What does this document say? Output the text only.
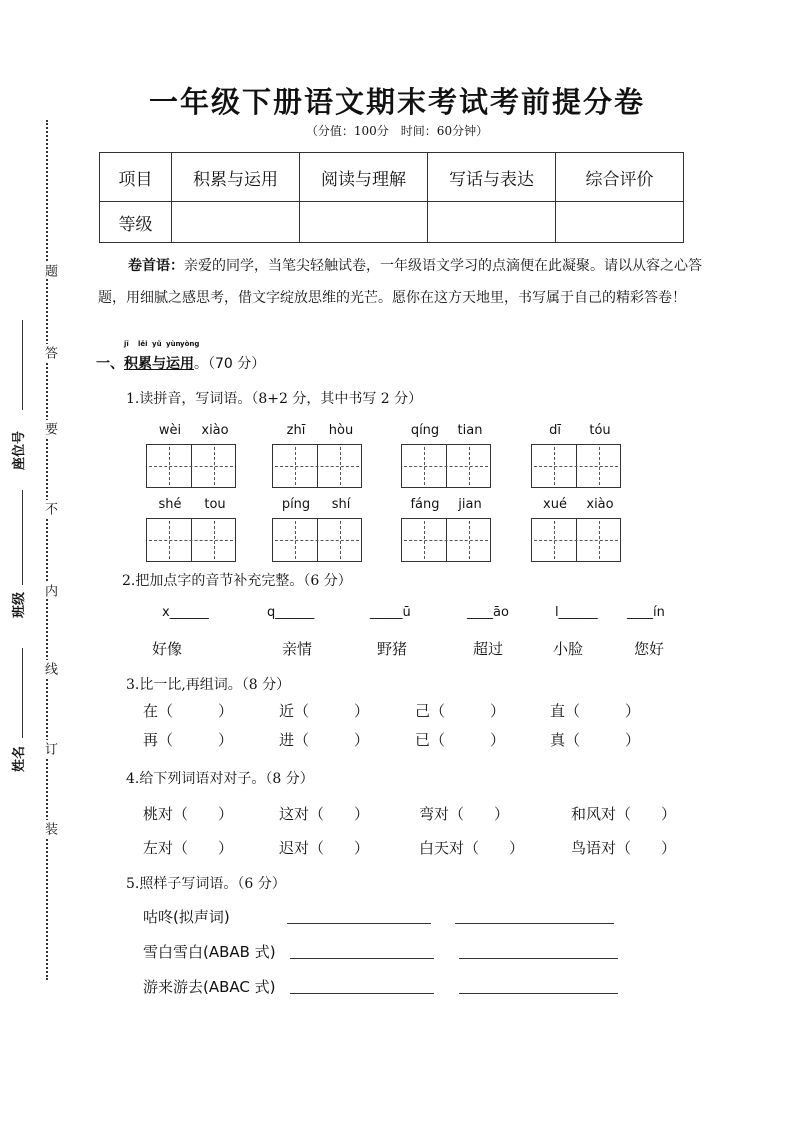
题
答
要
不
内
线
订
装
座位号
班级
姓名
一年级下册语文期末考试考前提分卷
（分值：100分　时间：60分钟）
项目	积累与运用	阅读与理解	写话与表达	综合评价
等级				
卷首语：亲爱的同学，当笔尖轻触试卷，一年级语文学习的点滴便在此凝聚。请以从容之心答题，用细腻之感思考，借文字绽放思维的光芒。愿你在这方天地里，书写属于自己的精彩答卷！
一、
jī
积
lěi
累
yǔ
与
yùn
运
yòng
用。（70 分）
1.读拼音，写词语。（8+2 分，其中书写 2 分）
wèi	xiào	zhī	hòu	qíng	tian	dī	tóu
shé	tou	píng	shí	fáng	jian	xué	xiào
2.把加点字的音节补充完整。（6 分）
x______
好像
q______
亲情
_____ū
野猪
____āo
超过
l______
小脸
____ín
您好
3.比一比,再组词。（8 分）
在（　　　）	近（　　　）	己（　　　）	直（　　　）
再（　　　）	进（　　　）	已（　　　）	真（　　　）
4.给下列词语对对子。（8 分）
桃对（　　）	这对（　　）	弯对（　　）	和风对（　　）
左对（　　）	迟对（　　）	白天对（　　）	鸟语对（　　）
5.照样子写词语。（6 分）
咕咚(拟声词)
雪白雪白(ABAB 式)
游来游去(ABAC 式)
